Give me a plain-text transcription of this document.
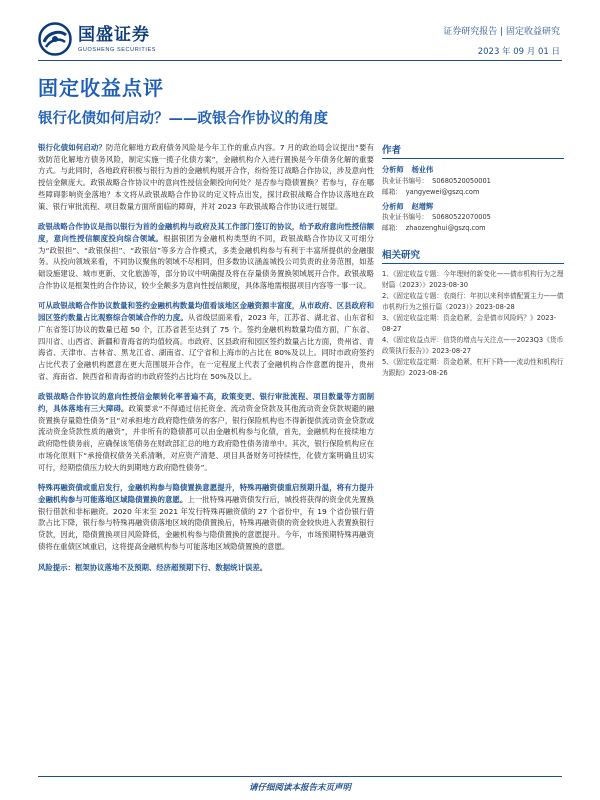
国盛证券
GUOSHENG SECURITIES
证券研究报告 | 固定收益研究
2023 年 09 月 01 日
固定收益点评
银行化债如何启动？——政银合作协议的角度

银行化债如何启动？防范化解地方政府债务风险是今年工作的重点内容。7 月的政治局会议提出“要有效防范化解地方债务风险，制定实施一揽子化债方案”，金融机构介入进行置换是今年债务化解的重要方式。与此同时，各地政府积极与银行为首的金融机构展开合作，纷纷签订战略合作协议，涉及意向性授信金额庞大。政银战略合作协议中的意向性授信金额投向何处？是否参与隐债置换？若参与，存在哪些障碍影响资金落地？本文将从政银战略合作协议的定义特点出发，探讨政银战略合作协议落地在政策、银行审批流程、项目数量方面所面临的障碍，并对 2023 年政银战略合作协议进行展望。

政银战略合作协议是指以银行为首的金融机构与政府及其工作部门签订的协议，给予政府意向性授信额度，意向性授信额度投向综合领域。根据银团为金融机构类型的不同，政银战略合作协议又可细分为“政银担”、“政银保担”、“政银信”等多方合作模式，多类金融机构参与有利于丰富所提供的金融服务。从投向领域来看，不同协议聚焦的领域不尽相同，但多数协议涵盖城投公司负责的业务范围，如基础设施建设、城市更新、文化旅游等，部分协议中明确提及将在存量债务置换领域展开合作。政银战略合作协议是框架性的合作协议，较少全额多为意向性授信额度，具体落地需根据项目内容等一事一议。

可从政银战略合作协议数量和签约金融机构数量均值看该地区金融资源丰富度，从市政府、区县政府和园区签约数量占比观察综合领域合作的力度。从省级层面来看，2023 年，江苏省、湖北省、山东省和广东省签订协议的数量已超 50 个，江苏省甚至达到了 75 个。签约金融机构数量均值方面，广东省、四川省、山西省、新疆和青海省的均值较高。市政府、区县政府和园区签约数量占比方面，贵州省、青海省、天津市、吉林省、黑龙江省、湖南省、辽宁省和上海市的占比在 80%及以上。同时市政府签约占比代表了金融机构愿意在更大范围展开合作，在一定程度上代表了金融机构合作意愿的提升，贵州省、海南省、陕西省和青海省的市政府签约占比均在 50%及以上。

政银战略合作协议的意向性授信金额转化率普遍不高，政策变更、银行审批流程、项目数量等方面制约，具体落地有三大障碍。政策要求“不得通过信托资金、流动资金贷款及其他流动资金贷款规避的融资置换存量隐性债务”且“对承担地方政府隐性债务的客户，银行保险机构也不得新提供流动资金贷款或流动资金贷款性质的融资”，并非所有的隐债都可以由金融机构参与化债，首先，金融机构在接续地方政府隐性债务前，应确保该笔债务在财政部汇总的地方政府隐性债务清单中。其次，银行保险机构应在市场化原则下“承接债权债务关系清晰，对应资产清楚、项目具备财务可持续性，化债方案明确且切实可行，经期偿债压力较大的到期地方政府隐性债务”。

特殊再融资债或重启发行，金融机构参与隐债置换意愿提升，特殊再融资债重启预期升温，将有力提升金融机构参与可能落地区域隐债置换的意愿。上一批特殊再融资债发行后，城投将获得的资金优先置换银行借款和非标融资。2020 年末至 2021 年发行特殊再融资债的 27 个省份中，有 19 个省份银行借款占比下降，银行参与特殊再融资债落地区域的隐债置换后，特殊再融资债的资金较快进入表置换银行贷款，因此，隐债置换项目风险降低，金融机构参与隐债置换的意愿提升。今年，市场预期特殊再融资债将在重债区域重启，这将提高金融机构参与可能落地区域隐债置换的意愿。

风险提示：框架协议落地不及预期、经济超预期下行、数据统计误差。

作者
分析师 杨业伟
执业证书编号： S0680520050001
邮箱： yangyewei@gszq.com
分析师 赵增辉
执业证书编号： S0680522070005
邮箱： zhaozenghui@gszq.com
相关研究
1、《固定收益专题：今年理财的新变化——债市机构行为之理财篇（2023）》2023-08-30
2、《固定收益专题：农商行：年初以来利率债配置主力——债市机构行为之银行篇（2023）》2023-08-28
3、《固定收益定期：资金趋紧，会是债市风险吗？》2023-08-27
4、《固定收益点评：信贷的增点与关注点——2023Q3《货币政策执行报告》》2023-08-27
5、《固定收益定期：资金趋紧，杠杆下降——流动性和机构行为跟踪》2023-08-26
请仔细阅读本报告末页声明
